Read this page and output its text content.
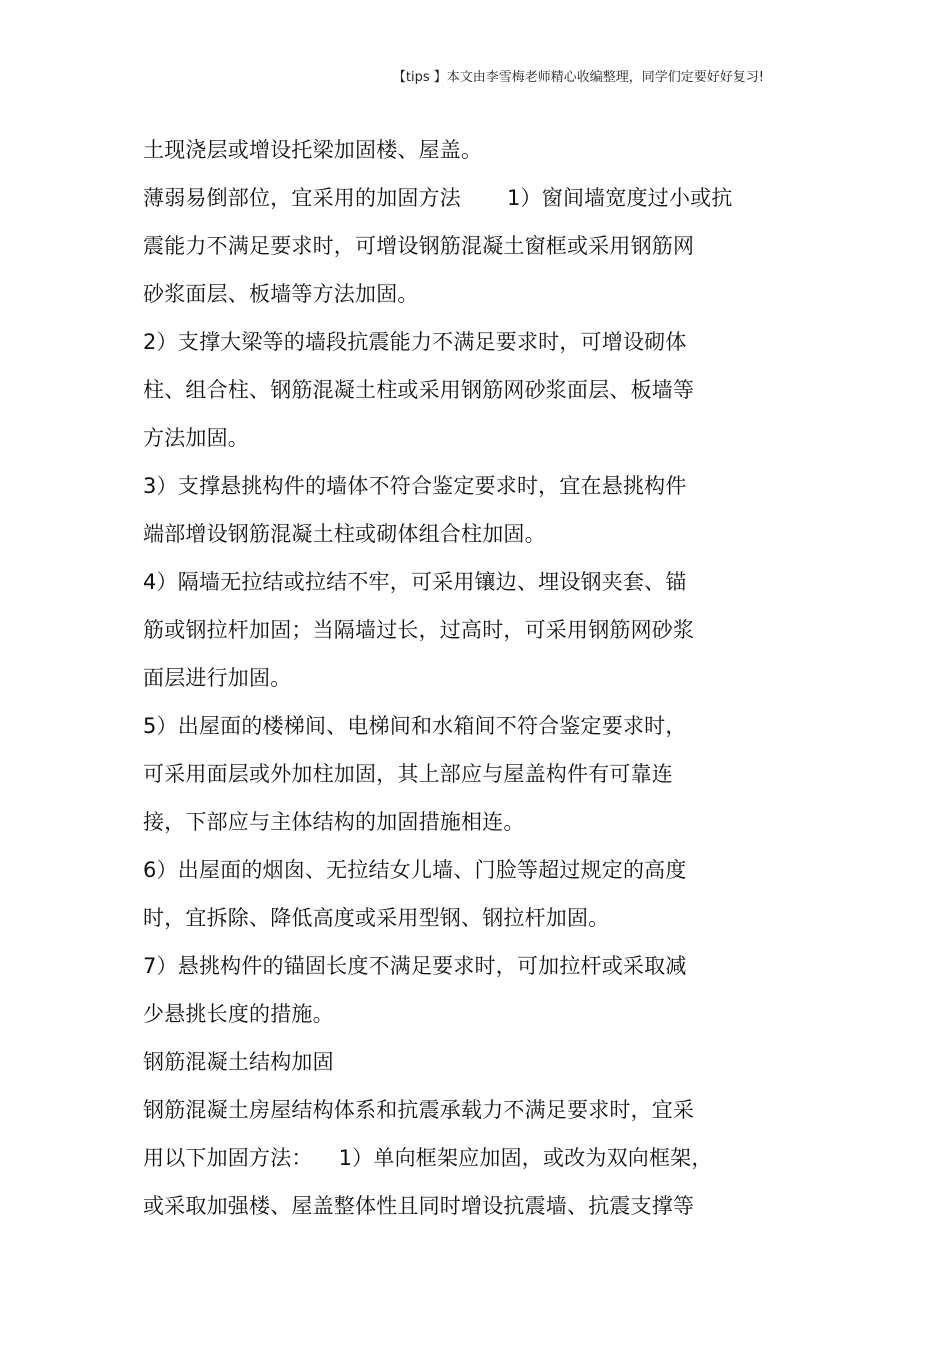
【tips 】本文由李雪梅老师精心收编整理，同学们定要好好复习!
土现浇层或增设托梁加固楼、屋盖。
薄弱易倒部位，宜采用的加固方法 1）窗间墙宽度过小或抗
震能力不满足要求时，可增设钢筋混凝土窗框或采用钢筋网
砂浆面层、板墙等方法加固。
2）支撑大梁等的墙段抗震能力不满足要求时，可增设砌体
柱、组合柱、钢筋混凝土柱或采用钢筋网砂浆面层、板墙等
方法加固。
3）支撑悬挑构件的墙体不符合鉴定要求时，宜在悬挑构件
端部增设钢筋混凝土柱或砌体组合柱加固。
4）隔墙无拉结或拉结不牢，可采用镶边、埋设钢夹套、锚
筋或钢拉杆加固；当隔墙过长，过高时，可采用钢筋网砂浆
面层进行加固。
5）出屋面的楼梯间、电梯间和水箱间不符合鉴定要求时，
可采用面层或外加柱加固，其上部应与屋盖构件有可靠连
接，下部应与主体结构的加固措施相连。
6）出屋面的烟囱、无拉结女儿墙、门脸等超过规定的高度
时，宜拆除、降低高度或采用型钢、钢拉杆加固。
7）悬挑构件的锚固长度不满足要求时，可加拉杆或采取减
少悬挑长度的措施。
钢筋混凝土结构加固
钢筋混凝土房屋结构体系和抗震承载力不满足要求时，宜采
用以下加固方法： 1）单向框架应加固，或改为双向框架，
或采取加强楼、屋盖整体性且同时增设抗震墙、抗震支撑等
